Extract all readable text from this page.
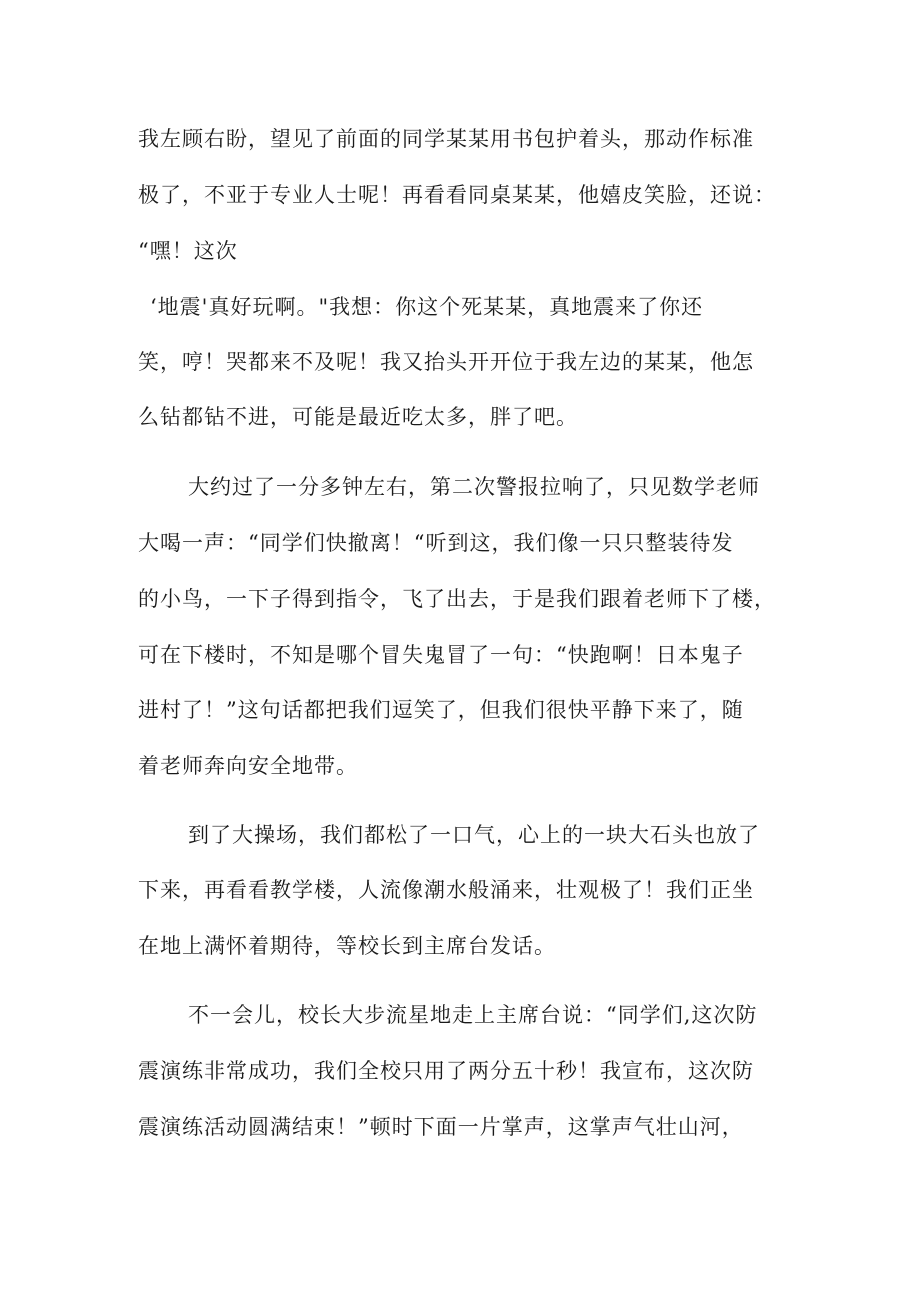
我左顾右盼，望见了前面的同学某某用书包护着头，那动作标准

极了，不亚于专业人士呢！再看看同桌某某，他嬉皮笑脸，还说：

“嘿！这次

‘地震'真好玩啊。"我想：你这个死某某，真地震来了你还

笑，哼！哭都来不及呢！我又抬头开开位于我左边的某某，他怎

么钻都钻不进，可能是最近吃太多，胖了吧。

大约过了一分多钟左右，第二次警报拉响了，只见数学老师

大喝一声：“同学们快撤离！“听到这，我们像一只只整装待发

的小鸟，一下子得到指令，飞了出去，于是我们跟着老师下了楼，

可在下楼时，不知是哪个冒失鬼冒了一句：“快跑啊！日本鬼子

进村了！”这句话都把我们逗笑了，但我们很快平静下来了，随

着老师奔向安全地带。

到了大操场，我们都松了一口气，心上的一块大石头也放了

下来，再看看教学楼，人流像潮水般涌来，壮观极了！我们正坐

在地上满怀着期待，等校长到主席台发话。

不一会儿，校长大步流星地走上主席台说：“同学们,这次防

震演练非常成功，我们全校只用了两分五十秒！我宣布，这次防

震演练活动圆满结束！”顿时下面一片掌声，这掌声气壮山河，
